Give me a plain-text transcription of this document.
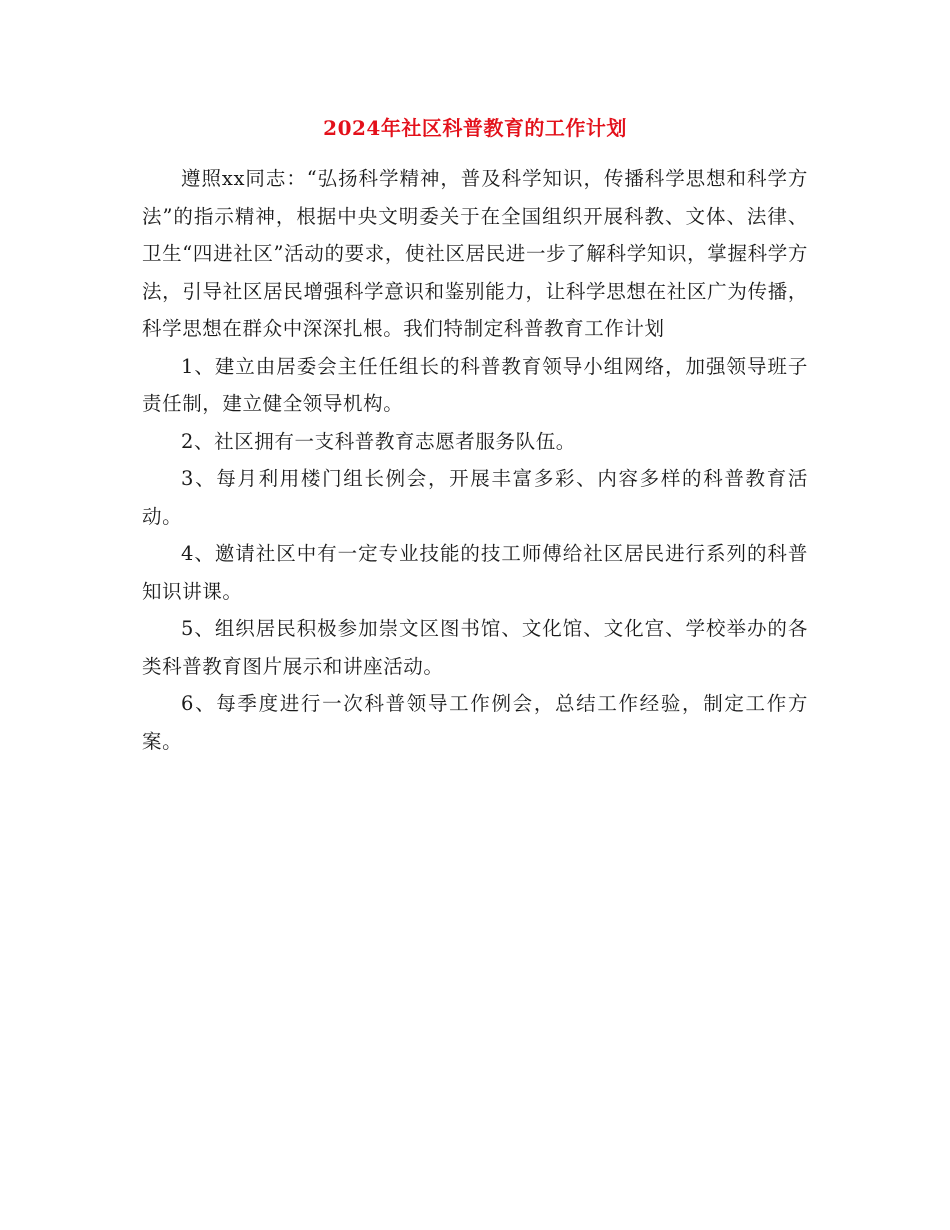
2024年社区科普教育的工作计划

遵照xx同志：“弘扬科学精神，普及科学知识，传播科学思想和科学方法”的指示精神，根据中央文明委关于在全国组织开展科教、文体、法律、卫生“四进社区”活动的要求，使社区居民进一步了解科学知识，掌握科学方法，引导社区居民增强科学意识和鉴别能力，让科学思想在社区广为传播，科学思想在群众中深深扎根。我们特制定科普教育工作计划

1、建立由居委会主任任组长的科普教育领导小组网络，加强领导班子责任制，建立健全领导机构。

2、社区拥有一支科普教育志愿者服务队伍。

3、每月利用楼门组长例会，开展丰富多彩、内容多样的科普教育活动。

4、邀请社区中有一定专业技能的技工师傅给社区居民进行系列的科普知识讲课。

5、组织居民积极参加崇文区图书馆、文化馆、文化宫、学校举办的各类科普教育图片展示和讲座活动。

6、每季度进行一次科普领导工作例会，总结工作经验，制定工作方案。
